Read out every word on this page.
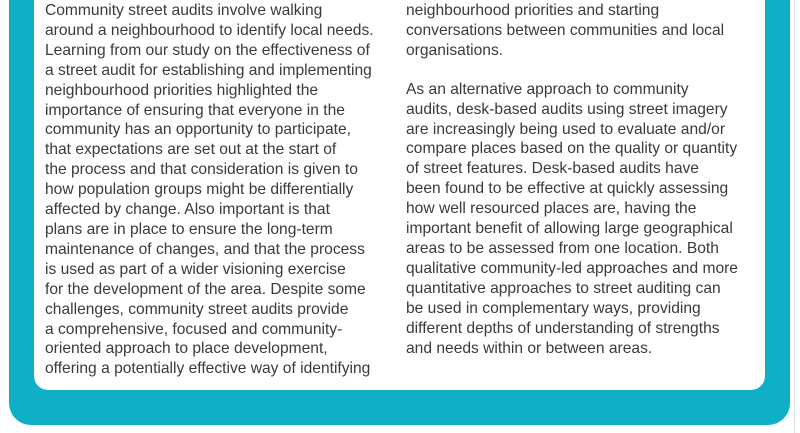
Community street audits involve walking
around a neighbourhood to identify local needs.
Learning from our study on the effectiveness of
a street audit for establishing and implementing
neighbourhood priorities highlighted the
importance of ensuring that everyone in the
community has an opportunity to participate,
that expectations are set out at the start of
the process and that consideration is given to
how population groups might be differentially
affected by change. Also important is that
plans are in place to ensure the long-term
maintenance of changes, and that the process
is used as part of a wider visioning exercise
for the development of the area. Despite some
challenges, community street audits provide
a comprehensive, focused and community-
oriented approach to place development,
offering a potentially effective way of identifying

neighbourhood priorities and starting
conversations between communities and local
organisations.

As an alternative approach to community
audits, desk-based audits using street imagery
are increasingly being used to evaluate and/or
compare places based on the quality or quantity
of street features. Desk-based audits have
been found to be effective at quickly assessing
how well resourced places are, having the
important benefit of allowing large geographical
areas to be assessed from one location. Both
qualitative community-led approaches and more
quantitative approaches to street auditing can
be used in complementary ways, providing
different depths of understanding of strengths
and needs within or between areas.
